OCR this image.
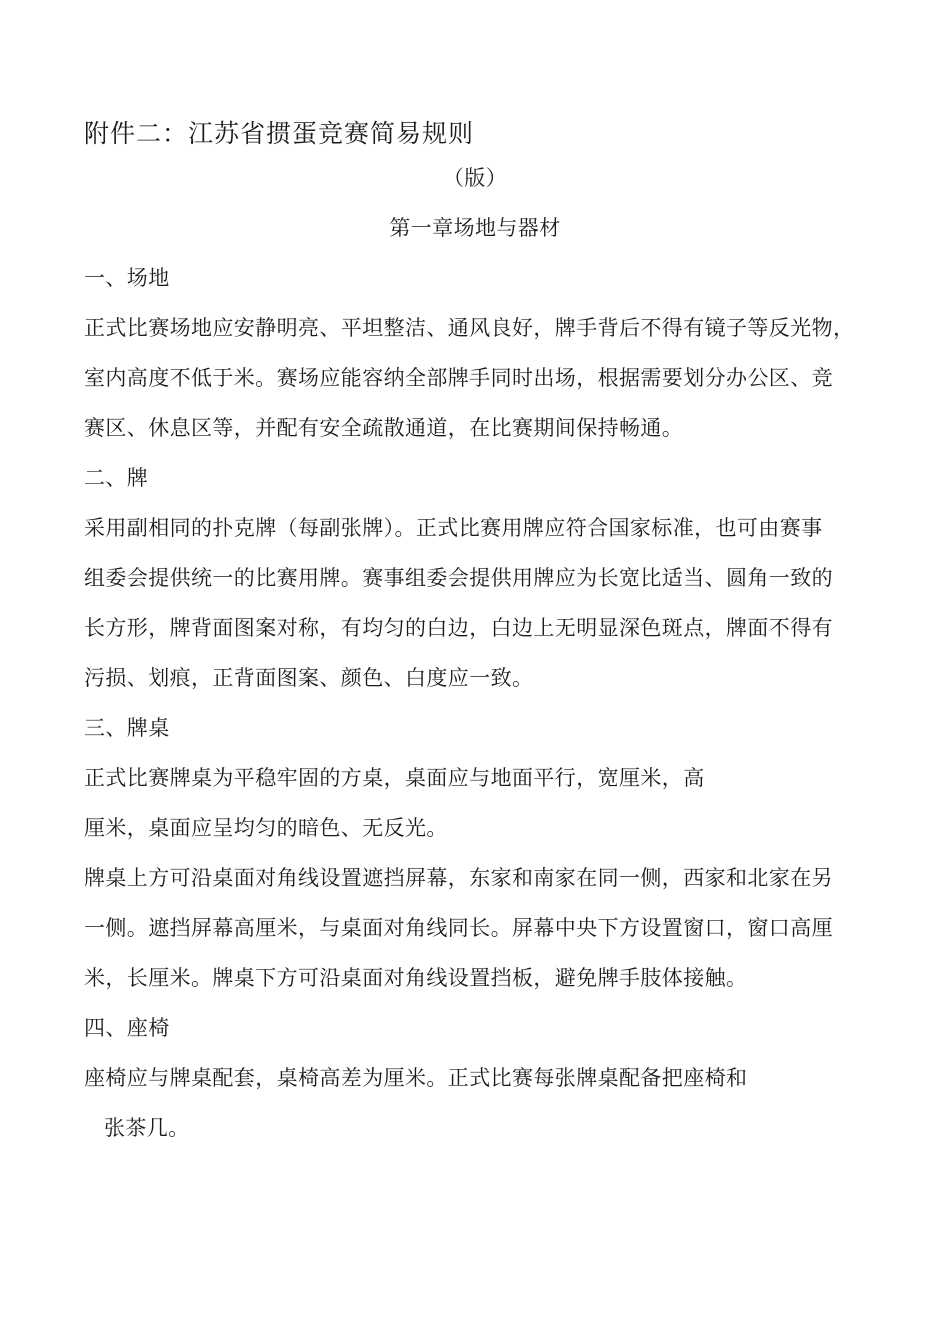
附件二：江苏省掼蛋竞赛简易规则
（版）
第一章场地与器材
一、场地
正式比赛场地应安静明亮、平坦整洁、通风良好，牌手背后不得有镜子等反光物，
室内高度不低于米。赛场应能容纳全部牌手同时出场，根据需要划分办公区、竞
赛区、休息区等，并配有安全疏散通道，在比赛期间保持畅通。
二、牌
采用副相同的扑克牌（每副张牌）。正式比赛用牌应符合国家标准，也可由赛事
组委会提供统一的比赛用牌。赛事组委会提供用牌应为长宽比适当、圆角一致的
长方形，牌背面图案对称，有均匀的白边，白边上无明显深色斑点，牌面不得有
污损、划痕，正背面图案、颜色、白度应一致。
三、牌桌
正式比赛牌桌为平稳牢固的方桌，桌面应与地面平行，宽厘米，高
厘米，桌面应呈均匀的暗色、无反光。
牌桌上方可沿桌面对角线设置遮挡屏幕，东家和南家在同一侧，西家和北家在另
一侧。遮挡屏幕高厘米，与桌面对角线同长。屏幕中央下方设置窗口，窗口高厘
米，长厘米。牌桌下方可沿桌面对角线设置挡板，避免牌手肢体接触。
四、座椅
座椅应与牌桌配套，桌椅高差为厘米。正式比赛每张牌桌配备把座椅和
张茶几。
